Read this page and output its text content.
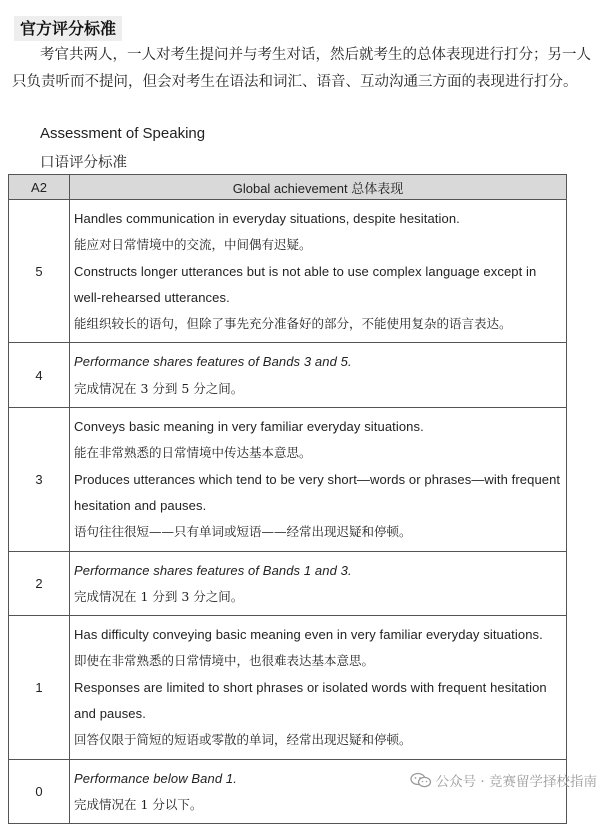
官方评分标准
考官共两人，一人对考生提问并与考生对话，然后就考生的总体表现进行打分；另一人只负责听而不提问，但会对考生在语法和词汇、语音、互动沟通三方面的表现进行打分。
Assessment of Speaking
口语评分标准
A2	Global achievement 总体表现
5	Handles communication in everyday situations, despite hesitation.
能应对日常情境中的交流，中间偶有迟疑。
Constructs longer utterances but is not able to use complex language except in
well-rehearsed utterances.
能组织较长的语句，但除了事先充分准备好的部分，不能使用复杂的语言表达。

4	Performance shares features of Bands 3 and 5.
完成情况在 3 分到 5 分之间。

3	Conveys basic meaning in very familiar everyday situations.
能在非常熟悉的日常情境中传达基本意思。
Produces utterances which tend to be very short—words or phrases—with frequent
hesitation and pauses.
语句往往很短——只有单词或短语——经常出现迟疑和停顿。

2	Performance shares features of Bands 1 and 3.
完成情况在 1 分到 3 分之间。

1	Has difficulty conveying basic meaning even in very familiar everyday situations.
即使在非常熟悉的日常情境中，也很难表达基本意思。
Responses are limited to short phrases or isolated words with frequent hesitation
and pauses.
回答仅限于简短的短语或零散的单词，经常出现迟疑和停顿。

0	Performance below Band 1.
完成情况在 1 分以下。
公众号 · 竞赛留学择校指南
